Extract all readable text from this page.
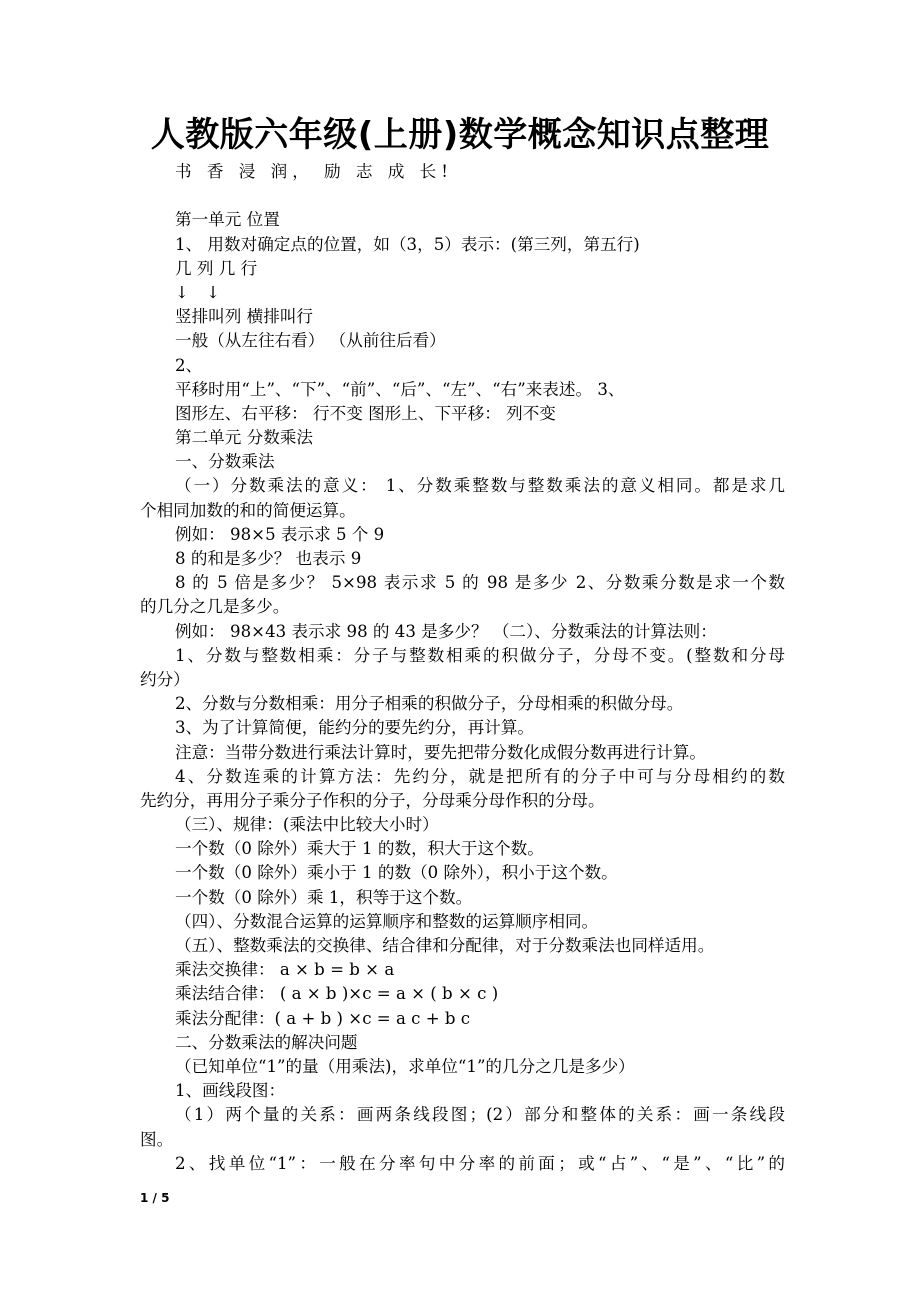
人教版六年级(上册)数学概念知识点整理
书 香 浸 润， 励 志 成 长!
第一单元 位置
1、 用数对确定点的位置，如（3，5）表示：(第三列，第五行)
几 列 几 行
↓ ↓
竖排叫列 横排叫行
一般（从左往右看） （从前往后看）
2、
平移时用“上”、“下”、“前”、“后”、“左”、“右”来表述。 3、
图形左、右平移： 行不变 图形上、下平移： 列不变
第二单元 分数乘法
一、分数乘法
（一）分数乘法的意义： 1、分数乘整数与整数乘法的意义相同。都是求几
个相同加数的和的简便运算。
例如： 98×5 表示求 5 个 9
8 的和是多少？ 也表示 9
8 的 5 倍是多少？ 5×98 表示求 5 的 98 是多少 2、分数乘分数是求一个数
的几分之几是多少。
例如： 98×43 表示求 98 的 43 是多少？ （二）、分数乘法的计算法则：
1、分数与整数相乘：分子与整数相乘的积做分子，分母不变。(整数和分母
约分）
2、分数与分数相乘：用分子相乘的积做分子，分母相乘的积做分母。
3、为了计算简便，能约分的要先约分，再计算。
注意：当带分数进行乘法计算时，要先把带分数化成假分数再进行计算。
4、分数连乘的计算方法：先约分，就是把所有的分子中可与分母相约的数
先约分，再用分子乘分子作积的分子，分母乘分母作积的分母。
（三）、规律：(乘法中比较大小时）
一个数（0 除外）乘大于 1 的数，积大于这个数。
一个数（0 除外）乘小于 1 的数（0 除外），积小于这个数。
一个数（0 除外）乘 1，积等于这个数。
（四）、分数混合运算的运算顺序和整数的运算顺序相同。
（五）、整数乘法的交换律、结合律和分配律，对于分数乘法也同样适用。
乘法交换律： a × b = b × a
乘法结合律： ( a × b )×c = a × ( b × c )
乘法分配律：( a + b ) ×c = a c + b c
二、分数乘法的解决问题
（已知单位“1”的量（用乘法)，求单位“1”的几分之几是多少）
1、画线段图：
（1）两个量的关系：画两条线段图；(2）部分和整体的关系：画一条线段
图。
2、找单位“1”：一般在分率句中分率的前面；或“占”、“是”、“比”的
1 / 5
